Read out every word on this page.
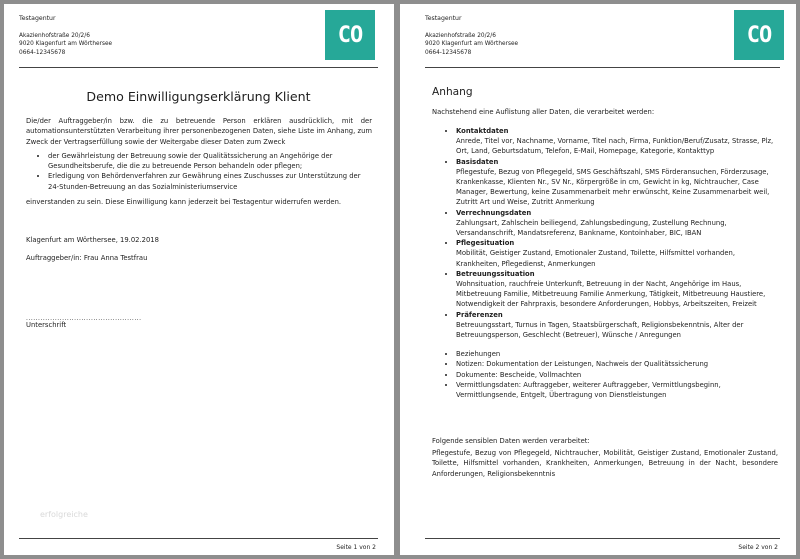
Testagentur
Akazienhofstraße 20/2/6
9020 Klagenfurt am Wörthersee
0664-12345678
CO
Demo Einwilligungserklärung Klient

Die/der Auftraggeber/in bzw. die zu betreuende Person erklären ausdrücklich, mit der automationsunterstützten Verarbeitung ihrer personenbezogenen Daten, siehe Liste im Anhang, zum Zweck der Vertragserfüllung sowie der Weitergabe dieser Daten zum Zweck

• der Gewährleistung der Betreuung sowie der Qualitätssicherung an Angehörige der Gesundheitsberufe, die die zu betreuende Person behandeln oder pflegen;
• Erledigung von Behördenverfahren zur Gewährung eines Zuschusses zur Unterstützung der 24-Stunden-Betreuung an das Sozialministeriumservice

einverstanden zu sein. Diese Einwilligung kann jederzeit bei Testagentur widerrufen werden.

Klagenfurt am Wörthersee, 19.02.2018
Auftraggeber/in: Frau Anna Testfrau
................................................
Unterschrift
erfolgreiche
Seite 1 von 2
Testagentur
Akazienhofstraße 20/2/6
9020 Klagenfurt am Wörthersee
0664-12345678
CO
Anhang
Nachstehend eine Auflistung aller Daten, die verarbeitet werden:
• Kontaktdaten
Anrede, Titel vor, Nachname, Vorname, Titel nach, Firma, Funktion/Beruf/Zusatz, Strasse, Plz, Ort, Land, Geburtsdatum, Telefon, E-Mail, Homepage, Kategorie, Kontakttyp
• Basisdaten
Pflegestufe, Bezug von Pflegegeld, SMS Geschäftszahl, SMS Förderansuchen, Förderzusage, Krankenkasse, Klienten Nr., SV Nr., Körpergröße in cm, Gewicht in kg, Nichtraucher, Case Manager, Bewertung, keine Zusammenarbeit mehr erwünscht, Keine Zusammenarbeit weil, Zutritt Art und Weise, Zutritt Anmerkung
• Verrechnungsdaten
Zahlungsart, Zahlschein beiliegend, Zahlungsbedingung, Zustellung Rechnung, Versandanschrift, Mandatsreferenz, Bankname, Kontoinhaber, BIC, IBAN
• Pflegesituation
Mobilität, Geistiger Zustand, Emotionaler Zustand, Toilette, Hilfsmittel vorhanden, Krankheiten, Pflegedienst, Anmerkungen
• Betreuungssituation
Wohnsituation, rauchfreie Unterkunft, Betreuung in der Nacht, Angehörige im Haus, Mitbetreuung Familie, Mitbetreuung Familie Anmerkung, Tätigkeit, Mitbetreuung Haustiere, Notwendigkeit der Fahrpraxis, besondere Anforderungen, Hobbys, Arbeitszeiten, Freizeit
• Präferenzen
Betreuungsstart, Turnus in Tagen, Staatsbürgerschaft, Religionsbekenntnis, Alter der Betreuungsperson, Geschlecht (Betreuer), Wünsche / Anregungen
• Beziehungen
• Notizen: Dokumentation der Leistungen, Nachweis der Qualitätssicherung
• Dokumente: Bescheide, Vollmachten
• Vermittlungsdaten: Auftraggeber, weiterer Auftraggeber, Vermittlungsbeginn, Vermittlungsende, Entgelt, Übertragung von Dienstleistungen
Folgende sensiblen Daten werden verarbeitet:
Pflegestufe, Bezug von Pflegegeld, Nichtraucher, Mobilität, Geistiger Zustand, Emotionaler Zustand, Toilette, Hilfsmittel vorhanden, Krankheiten, Anmerkungen, Betreuung in der Nacht, besondere Anforderungen, Religionsbekenntnis
Seite 2 von 2
